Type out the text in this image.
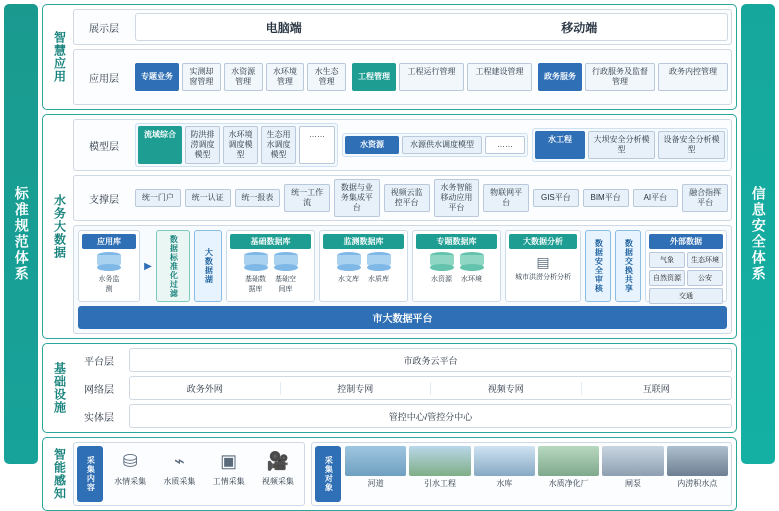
标准规范体系
智慧应用
展示层	电脑端	移动端
应用层	专题业务
实测却窗管理
水资源管理
水环境管理
水生态管理
工程管理
工程运行管理	工程建设管理
政务服务
行政服务及监督管理
政务内控管理
水务大数据
模型层
流域综合	防洪排涝调度模型
水环境调度模型
生态用水调度模型
……
水资源	水源供水调度模型	……
水工程	大坝安全分析模型
设备安全分析模型
支撑层	统一门户	统一认证	统一报表
统一工作流
数据与业务集成平台
视频云监控平台
水务智能移动应用平台
物联网平台
GIS平台	BIM平台	AI平台
融合指挥平台
应用库
水务监测
▶ 数据标准化过滤	大数据湖
基础数据库
基础数据库
基础空间库
监测数据库
水文库	水质库
专题数据库
水资源	水环境
大数据分析
▤
城市洪涝分析分析	数据安全审核	数据交换共享	外部数据
气象	生态环境
自然资源	公安
交通
市大数据平台
基础设施	平台层	市政务云平台
网络层	政务外网	控制专网	视频专网	互联网
实体层	管控中心/管控分中心
智能感知 采集内容	⛁
水情采集
⌁
水质采集
▣
工情采集
🎥
视频采集	采集对象	河道	引水工程	水库	水质净化厂	闸泵	内涝积水点
信息安全体系
